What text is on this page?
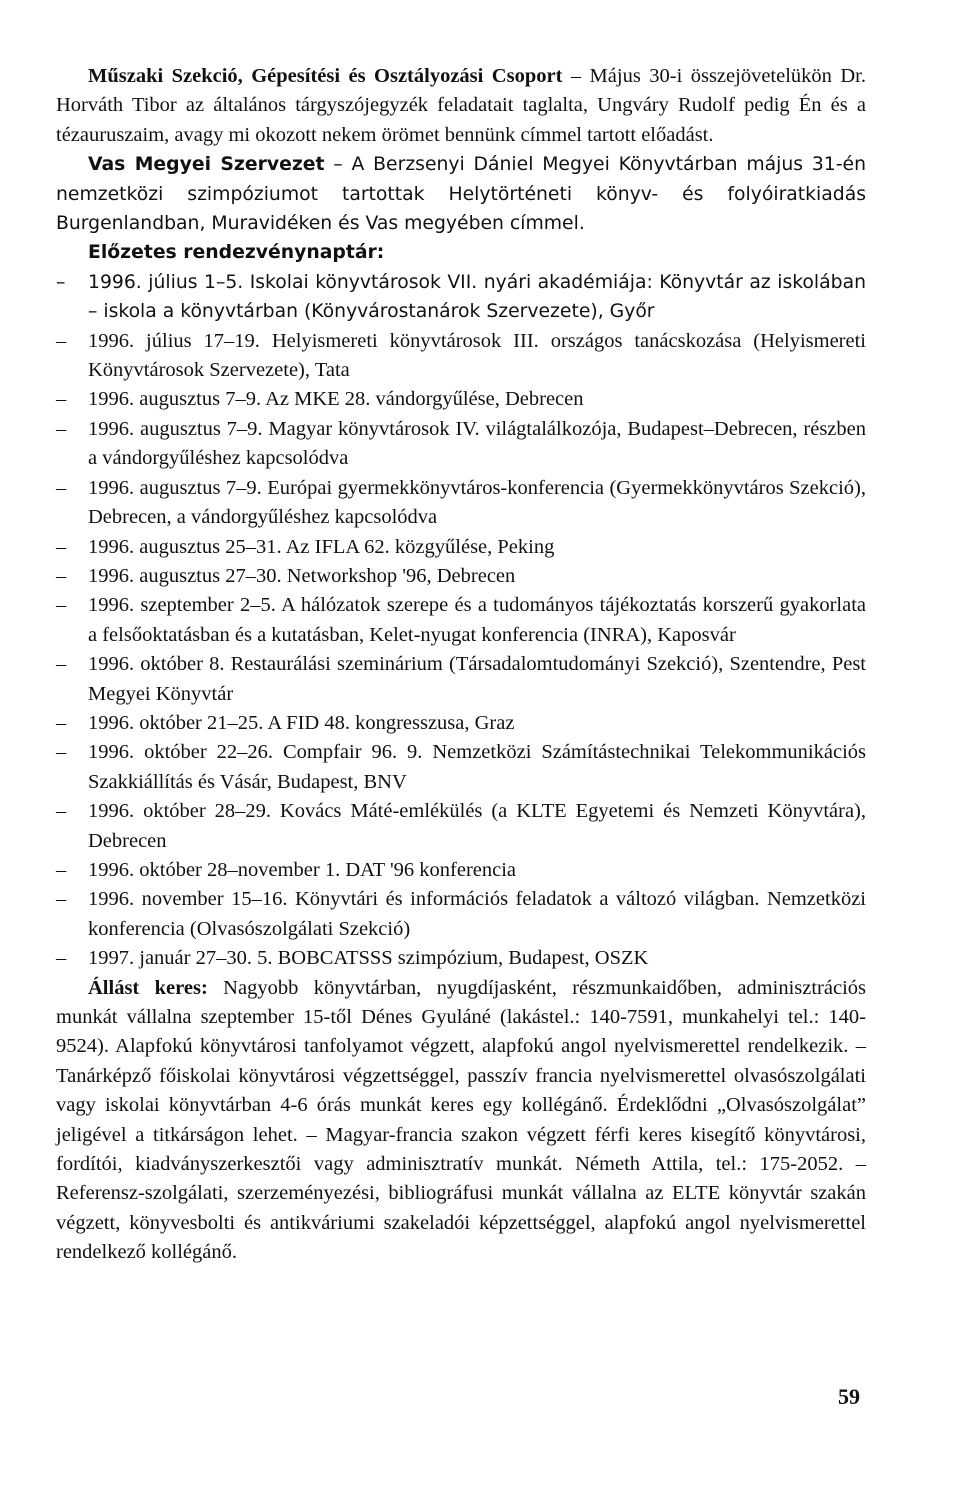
Műszaki Szekció, Gépesítési és Osztályozási Csoport – Május 30-i összejövetelükön Dr. Horváth Tibor az általános tárgyszójegyzék feladatait taglalta, Ungváry Rudolf pedig Én és a tézauruszaim, avagy mi okozott nekem örömet bennünk címmel tartott előadást.

Vas Megyei Szervezet – A Berzsenyi Dániel Megyei Könyvtárban május 31-én nemzetközi szimpóziumot tartottak Helytörténeti könyv- és folyóiratkiadás Burgenlandban, Muravidéken és Vas megyében címmel.

Előzetes rendezvénynaptár:

– 1996. július 1–5. Iskolai könyvtárosok VII. nyári akadémiája: Könyvtár az iskolában – iskola a könyvtárban (Könyvárostanárok Szervezete), Győr
– 1996. július 17–19. Helyismereti könyvtárosok III. országos tanácskozása (Helyismereti Könyvtárosok Szervezete), Tata
– 1996. augusztus 7–9. Az MKE 28. vándorgyűlése, Debrecen
– 1996. augusztus 7–9. Magyar könyvtárosok IV. világtalálkozója, Budapest–Debrecen, részben a vándorgyűléshez kapcsolódva
– 1996. augusztus 7–9. Európai gyermekkönyvtáros-konferencia (Gyermekkönyvtáros Szekció), Debrecen, a vándorgyűléshez kapcsolódva
– 1996. augusztus 25–31. Az IFLA 62. közgyűlése, Peking
– 1996. augusztus 27–30. Networkshop '96, Debrecen
– 1996. szeptember 2–5. A hálózatok szerepe és a tudományos tájékoztatás korszerű gyakorlata a felsőoktatásban és a kutatásban, Kelet-nyugat konferencia (INRA), Kaposvár
– 1996. október 8. Restaurálási szeminárium (Társadalomtudományi Szekció), Szentendre, Pest Megyei Könyvtár
– 1996. október 21–25. A FID 48. kongresszusa, Graz
– 1996. október 22–26. Compfair 96. 9. Nemzetközi Számítástechnikai Telekommunikációs Szakkiállítás és Vásár, Budapest, BNV
– 1996. október 28–29. Kovács Máté-emlékülés (a KLTE Egyetemi és Nemzeti Könyvtára), Debrecen
– 1996. október 28–november 1. DAT '96 konferencia
– 1996. november 15–16. Könyvtári és információs feladatok a változó világban. Nemzetközi konferencia (Olvasószolgálati Szekció)
– 1997. január 27–30. 5. BOBCATSSS szimpózium, Budapest, OSZK

Állást keres: Nagyobb könyvtárban, nyugdíjasként, részmunkaidőben, adminisztrációs munkát vállalna szeptember 15-től Dénes Gyuláné (lakástel.: 140-7591, munkahelyi tel.: 140-9524). Alapfokú könyvtárosi tanfolyamot végzett, alapfokú angol nyelvismerettel rendelkezik. – Tanárképző főiskolai könyvtárosi végzettséggel, passzív francia nyelvismerettel olvasószolgálati vagy iskolai könyvtárban 4-6 órás munkát keres egy kollégánő. Érdeklődni „Olvasószolgálat” jeligével a titkárságon lehet. – Magyar-francia szakon végzett férfi keres kisegítő könyvtárosi, fordítói, kiadványszerkesztői vagy adminisztratív munkát. Németh Attila, tel.: 175-2052. – Referensz-szolgálati, szerzeményezési, bibliográfusi munkát vállalna az ELTE könyvtár szakán végzett, könyvesbolti és antikváriumi szakeladói képzettséggel, alapfokú angol nyelvismerettel rendelkező kollégánő.

59
